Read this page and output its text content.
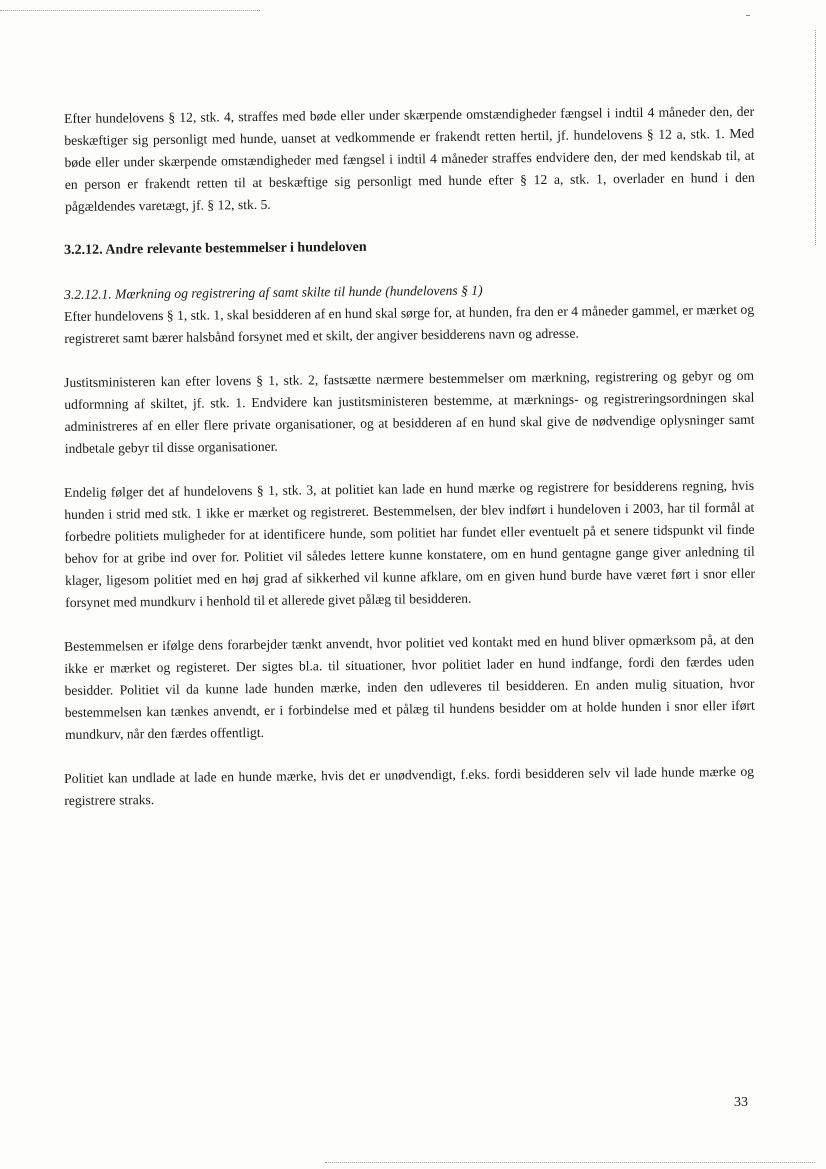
Efter hundelovens § 12, stk. 4, straffes med bøde eller under skærpende omstændigheder fængsel i indtil 4 måneder den, der beskæftiger sig personligt med hunde, uanset at vedkommende er frakendt retten hertil, jf. hundelovens § 12 a, stk. 1. Med bøde eller under skærpende omstændigheder med fængsel i indtil 4 måneder straffes endvidere den, der med kendskab til, at en person er frakendt retten til at beskæftige sig personligt med hunde efter § 12 a, stk. 1, overlader en hund i den pågældendes varetægt, jf. § 12, stk. 5.

3.2.12. Andre relevante bestemmelser i hundeloven
3.2.12.1. Mærkning og registrering af samt skilte til hunde (hundelovens § 1)

Efter hundelovens § 1, stk. 1, skal besidderen af en hund skal sørge for, at hunden, fra den er 4 måneder gammel, er mærket og registreret samt bærer halsbånd forsynet med et skilt, der angiver besidderens navn og adresse.

Justitsministeren kan efter lovens § 1, stk. 2, fastsætte nærmere bestemmelser om mærkning, registrering og gebyr og om udformning af skiltet, jf. stk. 1. Endvidere kan justitsministeren bestemme, at mærknings- og registreringsordningen skal administreres af en eller flere private organisationer, og at besidderen af en hund skal give de nødvendige oplysninger samt indbetale gebyr til disse organisationer.

Endelig følger det af hundelovens § 1, stk. 3, at politiet kan lade en hund mærke og registrere for besidderens regning, hvis hunden i strid med stk. 1 ikke er mærket og registreret. Bestemmelsen, der blev indført i hundeloven i 2003, har til formål at forbedre politiets muligheder for at identificere hunde, som politiet har fundet eller eventuelt på et senere tidspunkt vil finde behov for at gribe ind over for. Politiet vil således lettere kunne konstatere, om en hund gentagne gange giver anledning til klager, ligesom politiet med en høj grad af sikkerhed vil kunne afklare, om en given hund burde have været ført i snor eller forsynet med mundkurv i henhold til et allerede givet pålæg til besidderen.

Bestemmelsen er ifølge dens forarbejder tænkt anvendt, hvor politiet ved kontakt med en hund bliver opmærksom på, at den ikke er mærket og registeret. Der sigtes bl.a. til situationer, hvor politiet lader en hund indfange, fordi den færdes uden besidder. Politiet vil da kunne lade hunden mærke, inden den udleveres til besidderen. En anden mulig situation, hvor bestemmelsen kan tænkes anvendt, er i forbindelse med et pålæg til hundens besidder om at holde hunden i snor eller iført mundkurv, når den færdes offentligt.

Politiet kan undlade at lade en hunde mærke, hvis det er unødvendigt, f.eks. fordi besidderen selv vil lade hunde mærke og registrere straks.

33
